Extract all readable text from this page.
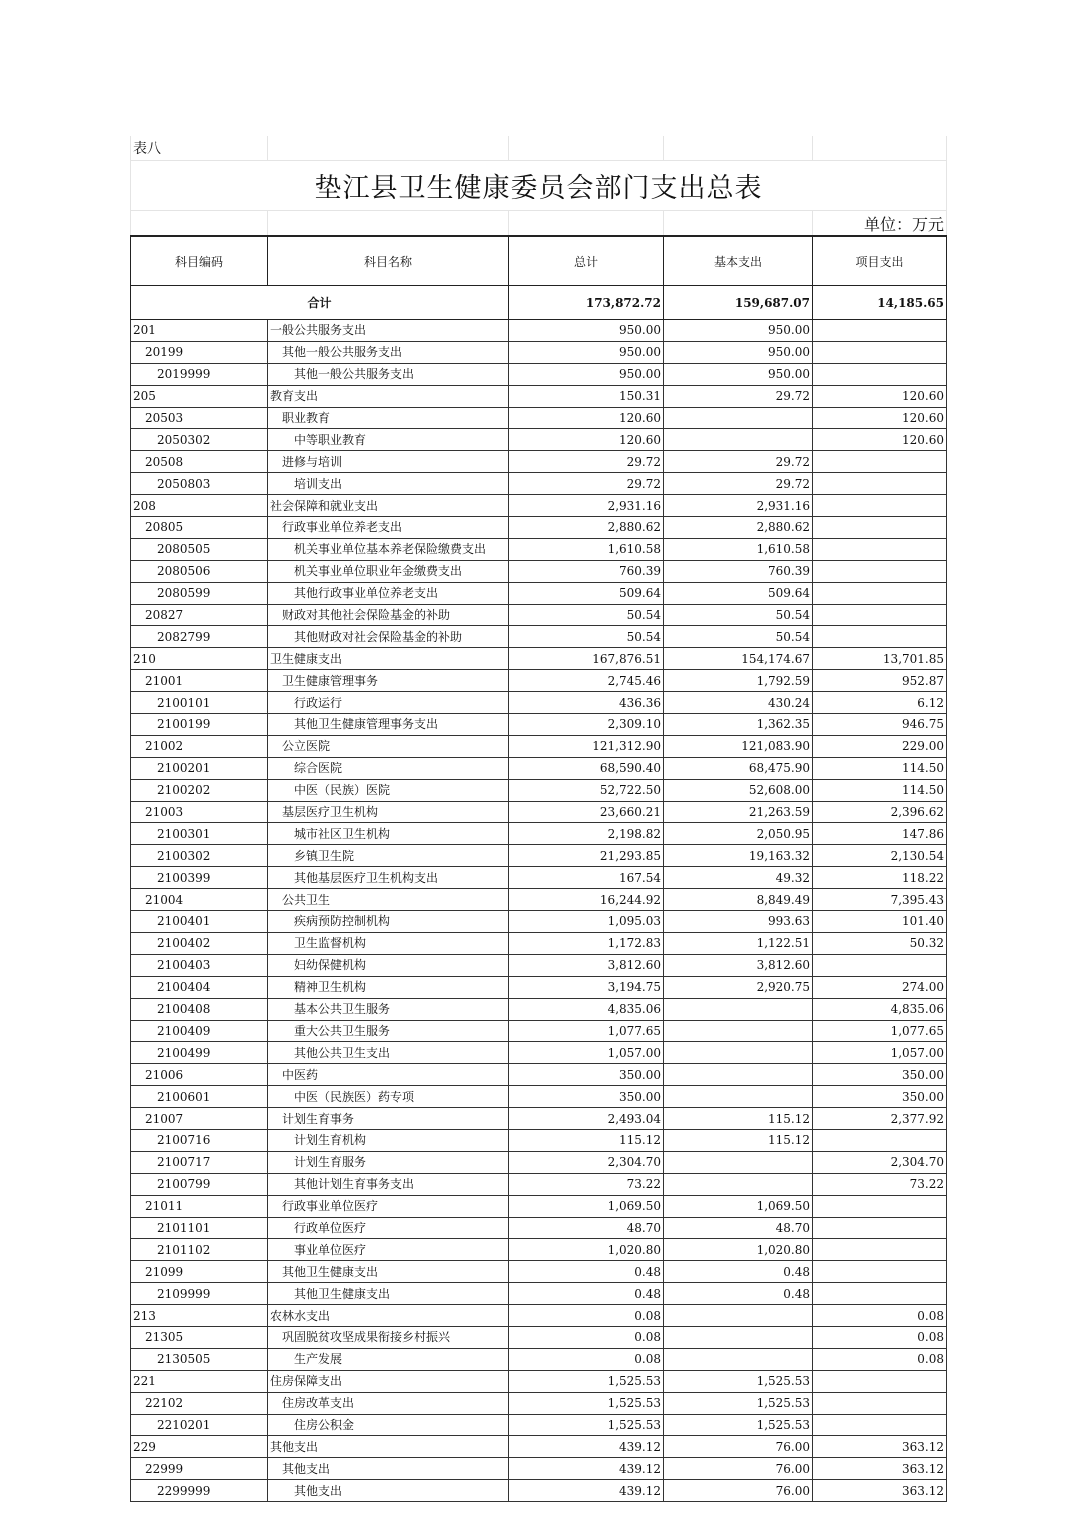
表八				
垫江县卫生健康委员会部门支出总表				
				单位：万元
科目编码	科目名称	总计	基本支出	项目支出
合计		173,872.72	159,687.07	14,185.65
201	一般公共服务支出	950.00	950.00	
20199	其他一般公共服务支出	950.00	950.00	
2019999	其他一般公共服务支出	950.00	950.00	
205	教育支出	150.31	29.72	120.60
20503	职业教育	120.60		120.60
2050302	中等职业教育	120.60		120.60
20508	进修与培训	29.72	29.72	
2050803	培训支出	29.72	29.72	
208	社会保障和就业支出	2,931.16	2,931.16	
20805	行政事业单位养老支出	2,880.62	2,880.62	
2080505	机关事业单位基本养老保险缴费支出	1,610.58	1,610.58	
2080506	机关事业单位职业年金缴费支出	760.39	760.39	
2080599	其他行政事业单位养老支出	509.64	509.64	
20827	财政对其他社会保险基金的补助	50.54	50.54	
2082799	其他财政对社会保险基金的补助	50.54	50.54	
210	卫生健康支出	167,876.51	154,174.67	13,701.85
21001	卫生健康管理事务	2,745.46	1,792.59	952.87
2100101	行政运行	436.36	430.24	6.12
2100199	其他卫生健康管理事务支出	2,309.10	1,362.35	946.75
21002	公立医院	121,312.90	121,083.90	229.00
2100201	综合医院	68,590.40	68,475.90	114.50
2100202	中医（民族）医院	52,722.50	52,608.00	114.50
21003	基层医疗卫生机构	23,660.21	21,263.59	2,396.62
2100301	城市社区卫生机构	2,198.82	2,050.95	147.86
2100302	乡镇卫生院	21,293.85	19,163.32	2,130.54
2100399	其他基层医疗卫生机构支出	167.54	49.32	118.22
21004	公共卫生	16,244.92	8,849.49	7,395.43
2100401	疾病预防控制机构	1,095.03	993.63	101.40
2100402	卫生监督机构	1,172.83	1,122.51	50.32
2100403	妇幼保健机构	3,812.60	3,812.60	
2100404	精神卫生机构	3,194.75	2,920.75	274.00
2100408	基本公共卫生服务	4,835.06		4,835.06
2100409	重大公共卫生服务	1,077.65		1,077.65
2100499	其他公共卫生支出	1,057.00		1,057.00
21006	中医药	350.00		350.00
2100601	中医（民族医）药专项	350.00		350.00
21007	计划生育事务	2,493.04	115.12	2,377.92
2100716	计划生育机构	115.12	115.12	
2100717	计划生育服务	2,304.70		2,304.70
2100799	其他计划生育事务支出	73.22		73.22
21011	行政事业单位医疗	1,069.50	1,069.50	
2101101	行政单位医疗	48.70	48.70	
2101102	事业单位医疗	1,020.80	1,020.80	
21099	其他卫生健康支出	0.48	0.48	
2109999	其他卫生健康支出	0.48	0.48	
213	农林水支出	0.08		0.08
21305	巩固脱贫攻坚成果衔接乡村振兴	0.08		0.08
2130505	生产发展	0.08		0.08
221	住房保障支出	1,525.53	1,525.53	
22102	住房改革支出	1,525.53	1,525.53	
2210201	住房公积金	1,525.53	1,525.53	
229	其他支出	439.12	76.00	363.12
22999	其他支出	439.12	76.00	363.12
2299999	其他支出	439.12	76.00	363.12
